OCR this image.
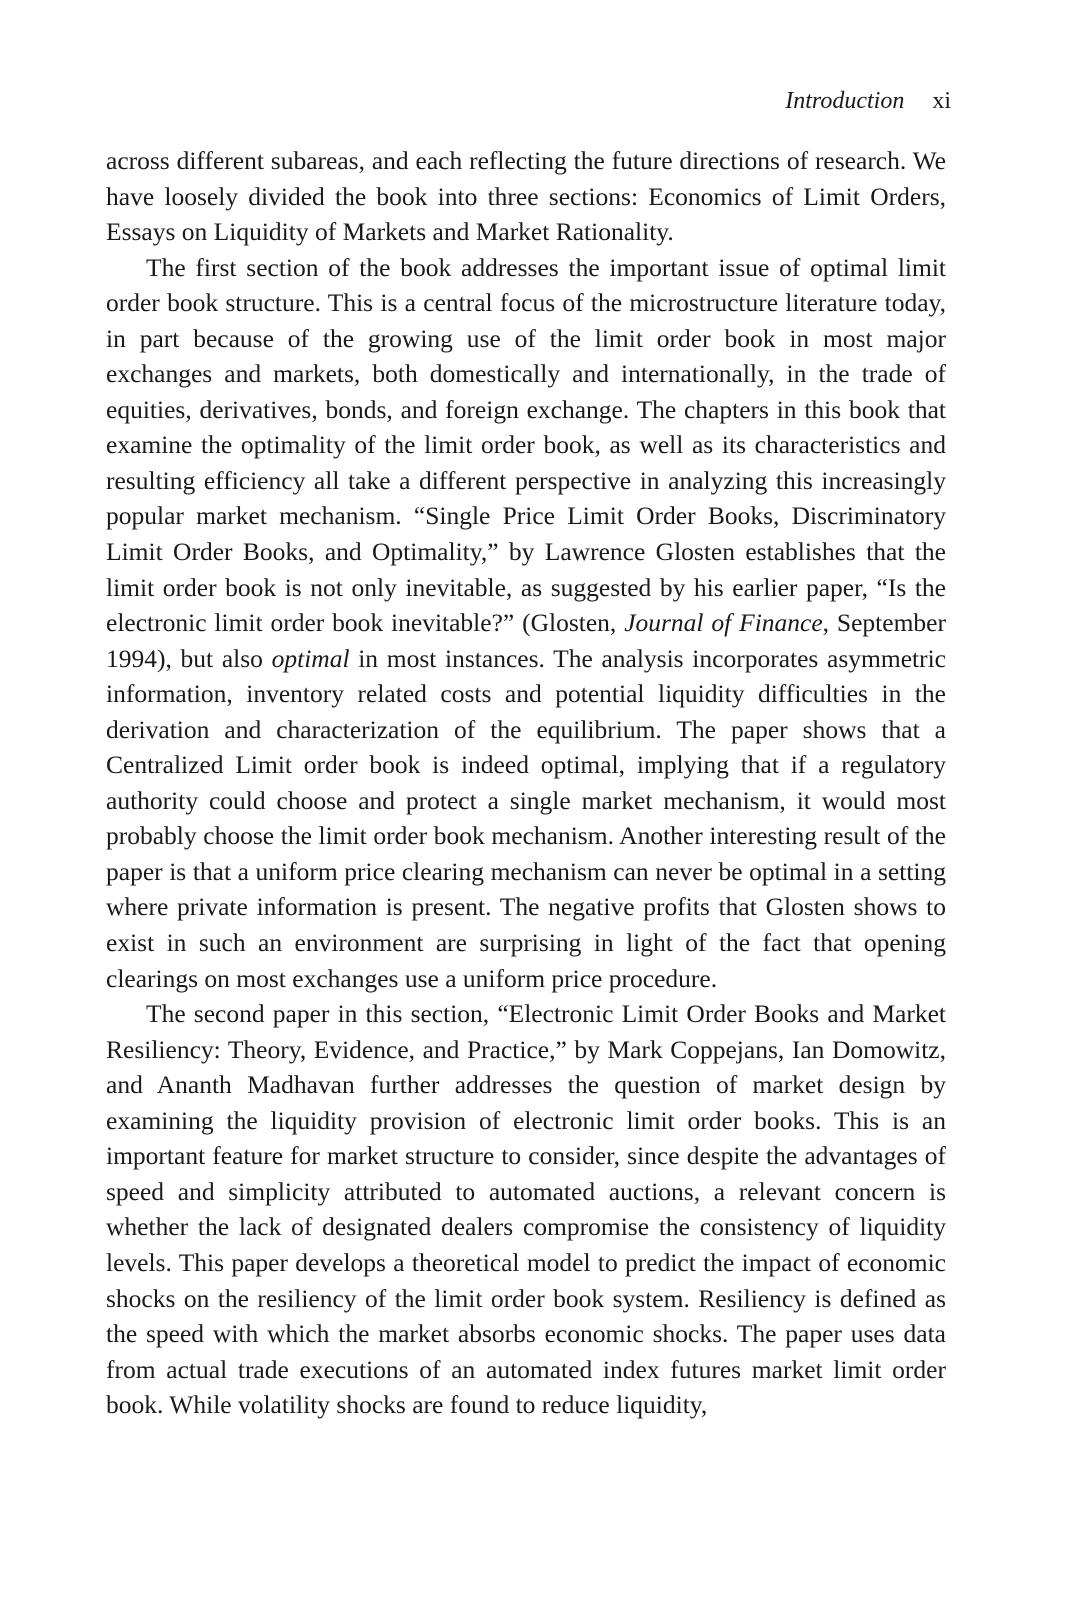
Introduction xi

across different subareas, and each reflecting the future directions of research. We have loosely divided the book into three sections: Economics of Limit Orders, Essays on Liquidity of Markets and Market Rationality.

The first section of the book addresses the important issue of optimal limit order book structure. This is a central focus of the microstructure literature today, in part because of the growing use of the limit order book in most major exchanges and markets, both domestically and internationally, in the trade of equities, derivatives, bonds, and foreign exchange. The chapters in this book that examine the optimality of the limit order book, as well as its characteristics and resulting efficiency all take a different perspective in analyzing this increasingly popular market mechanism. “Single Price Limit Order Books, Discriminatory Limit Order Books, and Optimality,” by Lawrence Glosten establishes that the limit order book is not only inevitable, as suggested by his earlier paper, “Is the electronic limit order book inevitable?” (Glosten, Journal of Finance, September 1994), but also optimal in most instances. The analysis incorporates asymmetric information, inventory related costs and potential liquidity difficulties in the derivation and characterization of the equilibrium. The paper shows that a Centralized Limit order book is indeed optimal, implying that if a regulatory authority could choose and protect a single market mechanism, it would most probably choose the limit order book mechanism. Another interesting result of the paper is that a uniform price clearing mechanism can never be optimal in a setting where private information is present. The negative profits that Glosten shows to exist in such an environment are surprising in light of the fact that opening clearings on most exchanges use a uniform price procedure.

The second paper in this section, “Electronic Limit Order Books and Market Resiliency: Theory, Evidence, and Practice,” by Mark Coppejans, Ian Domowitz, and Ananth Madhavan further addresses the question of market design by examining the liquidity provision of electronic limit order books. This is an important feature for market structure to consider, since despite the advantages of speed and simplicity attributed to automated auctions, a relevant concern is whether the lack of designated dealers compromise the consistency of liquidity levels. This paper develops a theoretical model to predict the impact of economic shocks on the resiliency of the limit order book system. Resiliency is defined as the speed with which the market absorbs economic shocks. The paper uses data from actual trade executions of an automated index futures market limit order book. While volatility shocks are found to reduce liquidity,
